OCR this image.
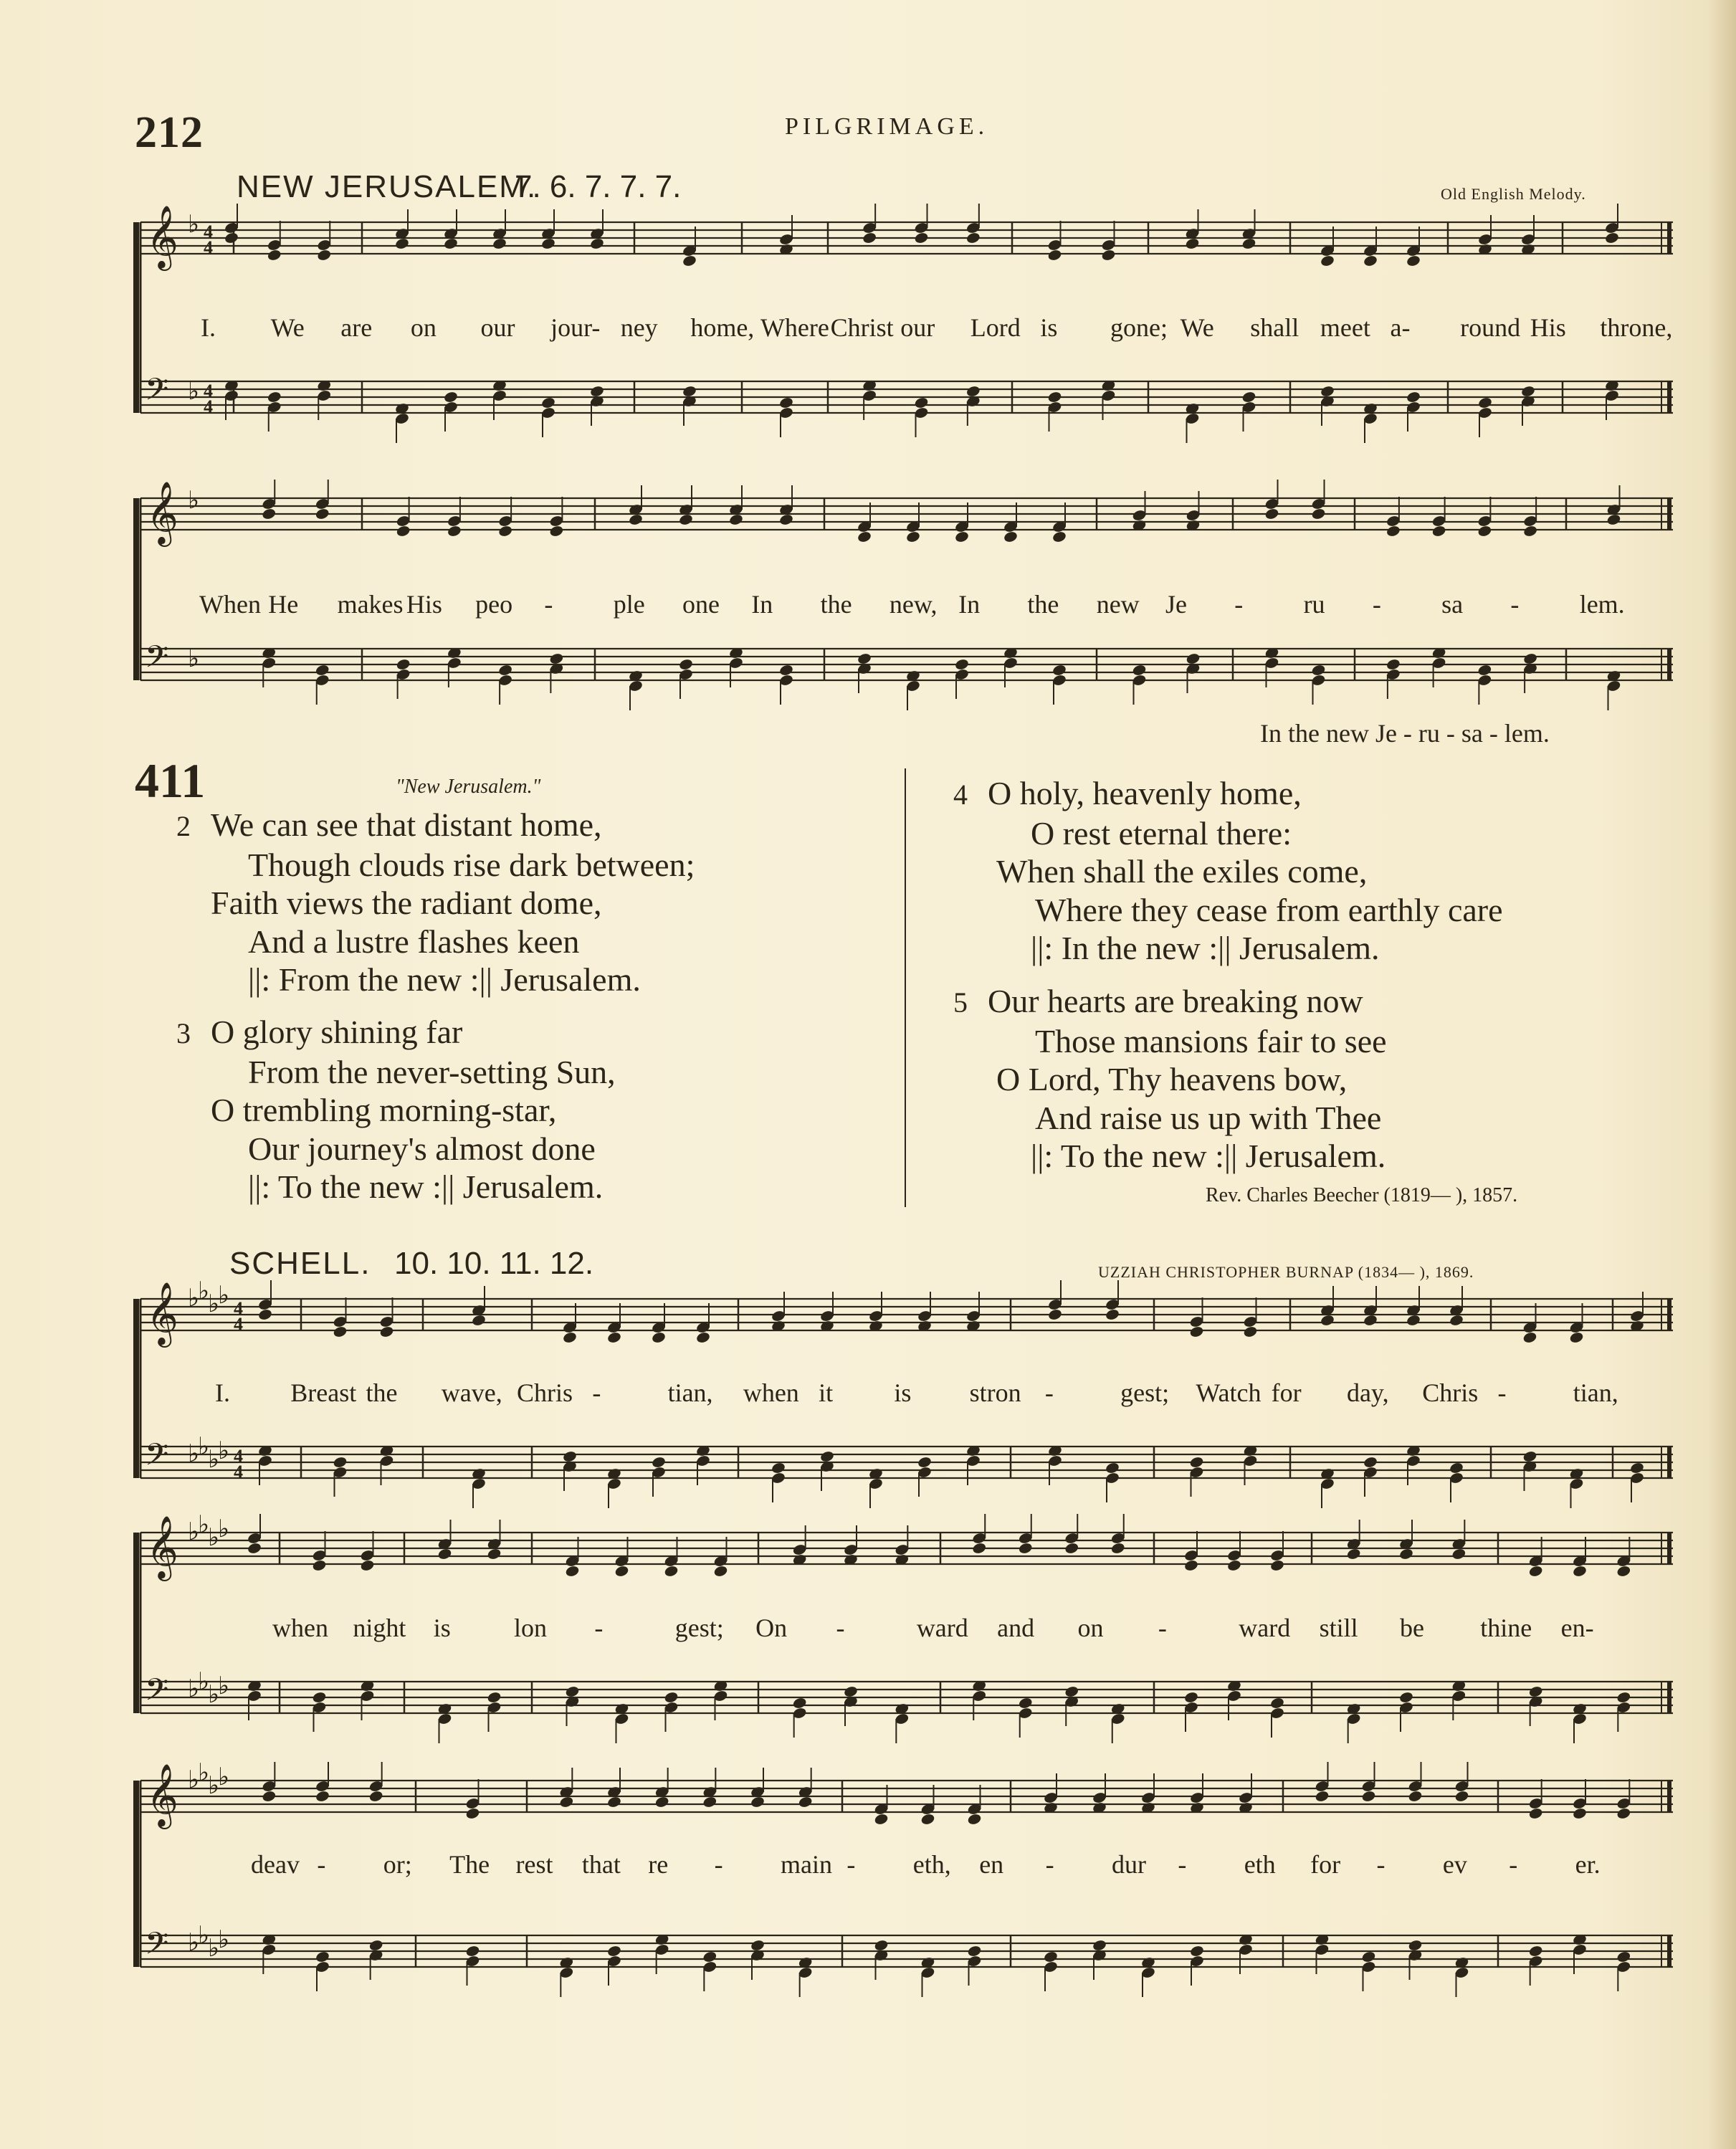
212	PILGRIMAGE.
NEW JERUSALEM.
7. 6. 7. 7. 7.	Old English Melody.
𝄞
𝄢
♭
♭
4
4
4
4
𝄞
𝄢
♭
♭
𝄞
𝄢
♭
♭
♭
♭
♭
♭
♭
♭
4
4
4
4
𝄞
𝄢
♭
♭
♭
♭
♭
♭
♭
♭
𝄞
𝄢
♭
♭
♭
♭
♭
♭
♭
♭
I. We are on our jour- ney home, Where Christ our Lord is gone; We shall meet a- round His throne,
When He makes His peo - ple one In the new, In the new Je - ru - sa - lem.
In the new Je - ru - sa - lem.
411	"New Jerusalem."
2 We can see that distant home,
Though clouds rise dark between;
Faith views the radiant dome,
And a lustre flashes keen
||: From the new :|| Jerusalem.
3 O glory shining far
From the never-setting Sun,
O trembling morning-star,
Our journey's almost done
||: To the new :|| Jerusalem.
4 O holy, heavenly home,
O rest eternal there:
When shall the exiles come,
Where they cease from earthly care
||: In the new :|| Jerusalem.
5 Our hearts are breaking now
Those mansions fair to see
O Lord, Thy heavens bow,
And raise us up with Thee
||: To the new :|| Jerusalem.
Rev. Charles Beecher (1819— ), 1857.
SCHELL. 10. 10. 11. 12.	UZZIAH CHRISTOPHER BURNAP (1834— ), 1869.
I. Breast the wave, Chris -	tian, when it is stron -	gest; Watch for day, Chris -	tian,
when night is lon -	gest; On -	ward and on -	ward still be thine en-
deav - or; The rest that re - main - eth, en - dur - eth for - ev - er.
